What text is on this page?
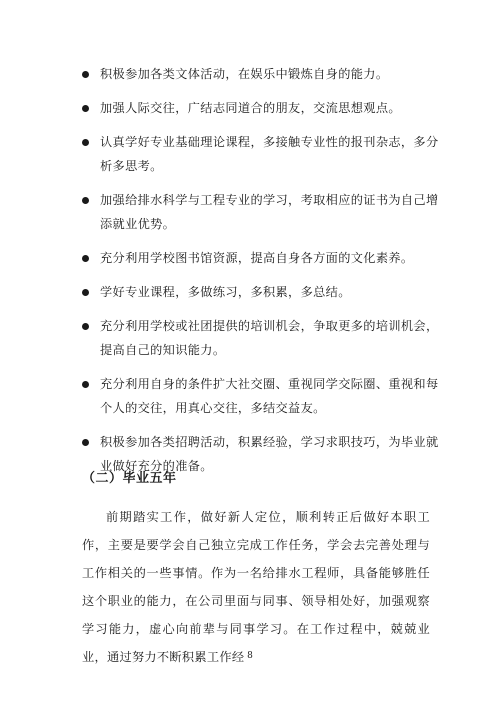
积极参加各类文体活动，在娱乐中锻炼自身的能力。
加强人际交往，广结志同道合的朋友，交流思想观点。
认真学好专业基础理论课程，多接触专业性的报刊杂志，多分析多思考。
加强给排水科学与工程专业的学习，考取相应的证书为自己增添就业优势。
充分利用学校图书馆资源，提高自身各方面的文化素养。
学好专业课程，多做练习，多积累，多总结。
充分利用学校或社团提供的培训机会，争取更多的培训机会，提高自己的知识能力。
充分利用自身的条件扩大社交圈、重视同学交际圈、重视和每个人的交往，用真心交往，多结交益友。
积极参加各类招聘活动，积累经验，学习求职技巧，为毕业就业做好充分的准备。
（二）毕业五年
前期踏实工作，做好新人定位，顺利转正后做好本职工作，主要是要学会自己独立完成工作任务，学会去完善处理与工作相关的一些事情。作为一名给排水工程师，具备能够胜任这个职业的能力，在公司里面与同事、领导相处好，加强观察学习能力，虚心向前辈与同事学习。在工作过程中，兢兢业业，通过努力不断积累工作经 8
